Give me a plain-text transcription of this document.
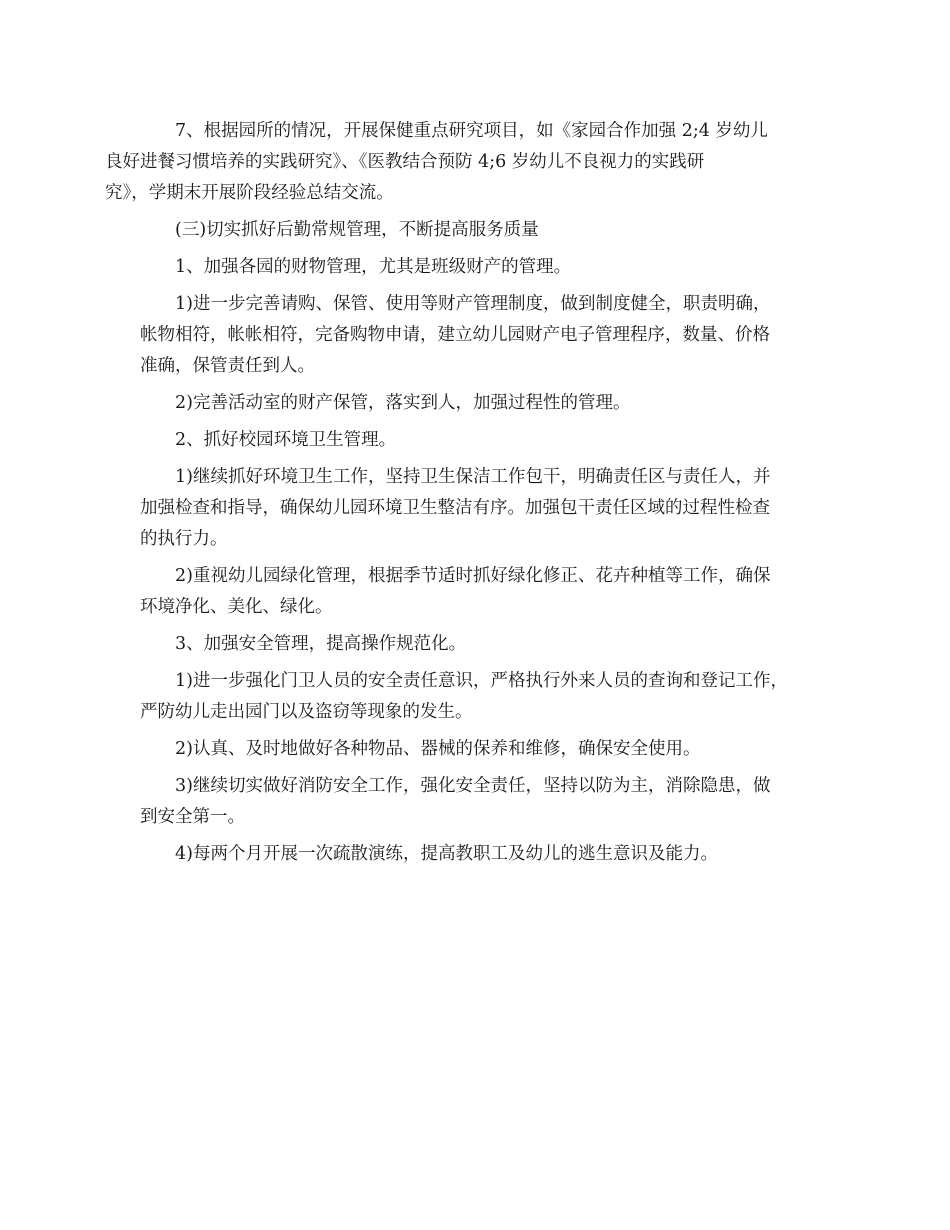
7、根据园所的情况，开展保健重点研究项目，如《家园合作加强 2;4 岁幼儿
良好进餐习惯培养的实践研究》、《医教结合预防 4;6 岁幼儿不良视力的实践研
究》，学期末开展阶段经验总结交流。

(三)切实抓好后勤常规管理，不断提高服务质量

1、加强各园的财物管理，尤其是班级财产的管理。

1)进一步完善请购、保管、使用等财产管理制度，做到制度健全，职责明确，
帐物相符，帐帐相符，完备购物申请，建立幼儿园财产电子管理程序，数量、价格
准确，保管责任到人。

2)完善活动室的财产保管，落实到人，加强过程性的管理。

2、抓好校园环境卫生管理。

1)继续抓好环境卫生工作，坚持卫生保洁工作包干，明确责任区与责任人，并
加强检查和指导，确保幼儿园环境卫生整洁有序。加强包干责任区域的过程性检查
的执行力。

2)重视幼儿园绿化管理，根据季节适时抓好绿化修正、花卉种植等工作，确保
环境净化、美化、绿化。

3、加强安全管理，提高操作规范化。

1)进一步强化门卫人员的安全责任意识，严格执行外来人员的查询和登记工作，
严防幼儿走出园门以及盗窃等现象的发生。

2)认真、及时地做好各种物品、器械的保养和维修，确保安全使用。

3)继续切实做好消防安全工作，强化安全责任，坚持以防为主，消除隐患，做
到安全第一。

4)每两个月开展一次疏散演练，提高教职工及幼儿的逃生意识及能力。
